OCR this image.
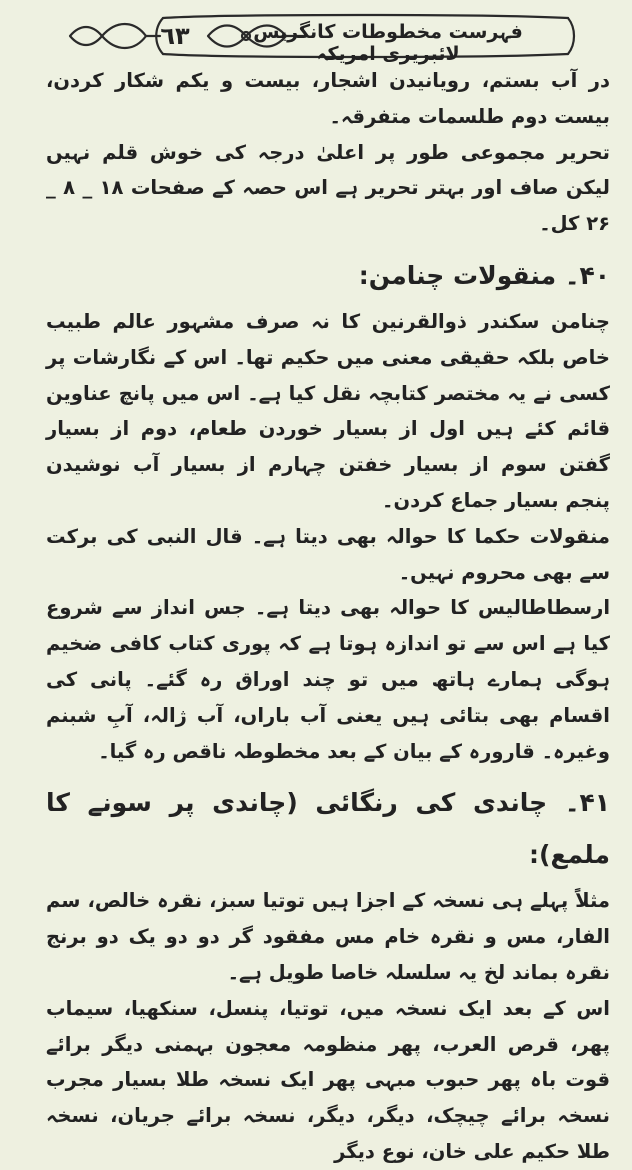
٦٣	فہرست مخطوطات کانگریس لائبریری امریکہ

در آب بستم، رویانیدن اشجار، بیست و یکم شکار کردن، بیست دوم طلسمات متفرقہ۔

تحریر مجموعی طور پر اعلیٰ درجہ کی خوش قلم نہیں لیکن صاف اور بہتر تحریر ہے اس حصہ کے صفحات ۱۸ _ ۸ _ ۲۶ کل۔

۴۰۔ منقولات چنامن:

چنامن سکندر ذوالقرنین کا نہ صرف مشہور عالم طبیب خاص بلکہ حقیقی معنی میں حکیم تھا۔ اس کے نگارشات پر کسی نے یہ مختصر کتابچہ نقل کیا ہے۔ اس میں پانچ عناوین قائم کئے ہیں اول از بسیار خوردن طعام، دوم از بسیار گفتن سوم از بسیار خفتن چہارم از بسیار آب نوشیدن پنجم بسیار جماع کردن۔

منقولات حکما کا حوالہ بھی دیتا ہے۔ قال النبی کی برکت سے بھی محروم نہیں۔

ارسطاطالیس کا حوالہ بھی دیتا ہے۔ جس انداز سے شروع کیا ہے اس سے تو اندازہ ہوتا ہے کہ پوری کتاب کافی ضخیم ہوگی ہمارے ہاتھ میں تو چند اوراق رہ گئے۔ پانی کی اقسام بھی بتائی ہیں یعنی آب باراں، آب ژالہ، آبِ شبنم وغیرہ۔ قارورہ کے بیان کے بعد مخطوطہ ناقص رہ گیا۔

۴۱۔ چاندی کی رنگائی (چاندی پر سونے کا ملمع):

مثلاً پہلے ہی نسخہ کے اجزا ہیں توتیا سبز، نقرہ خالص، سم الفار، مس و نقرہ خام مس مفقود گر دو دو یک دو برنج نقرہ بماند لخ یہ سلسلہ خاصا طویل ہے۔

اس کے بعد ایک نسخہ میں، توتیا، پنسل، سنکھیا، سیماب پھر، قرص العرب، پھر منظومہ معجون بہمنی دیگر برائے قوت باہ پھر حبوب مبہی پھر ایک نسخہ طلا بسیار مجرب نسخہ برائے چیچک، دیگر، دیگر، نسخہ برائے جریان، نسخہ طلا حکیم علی خان، نوع دیگر
